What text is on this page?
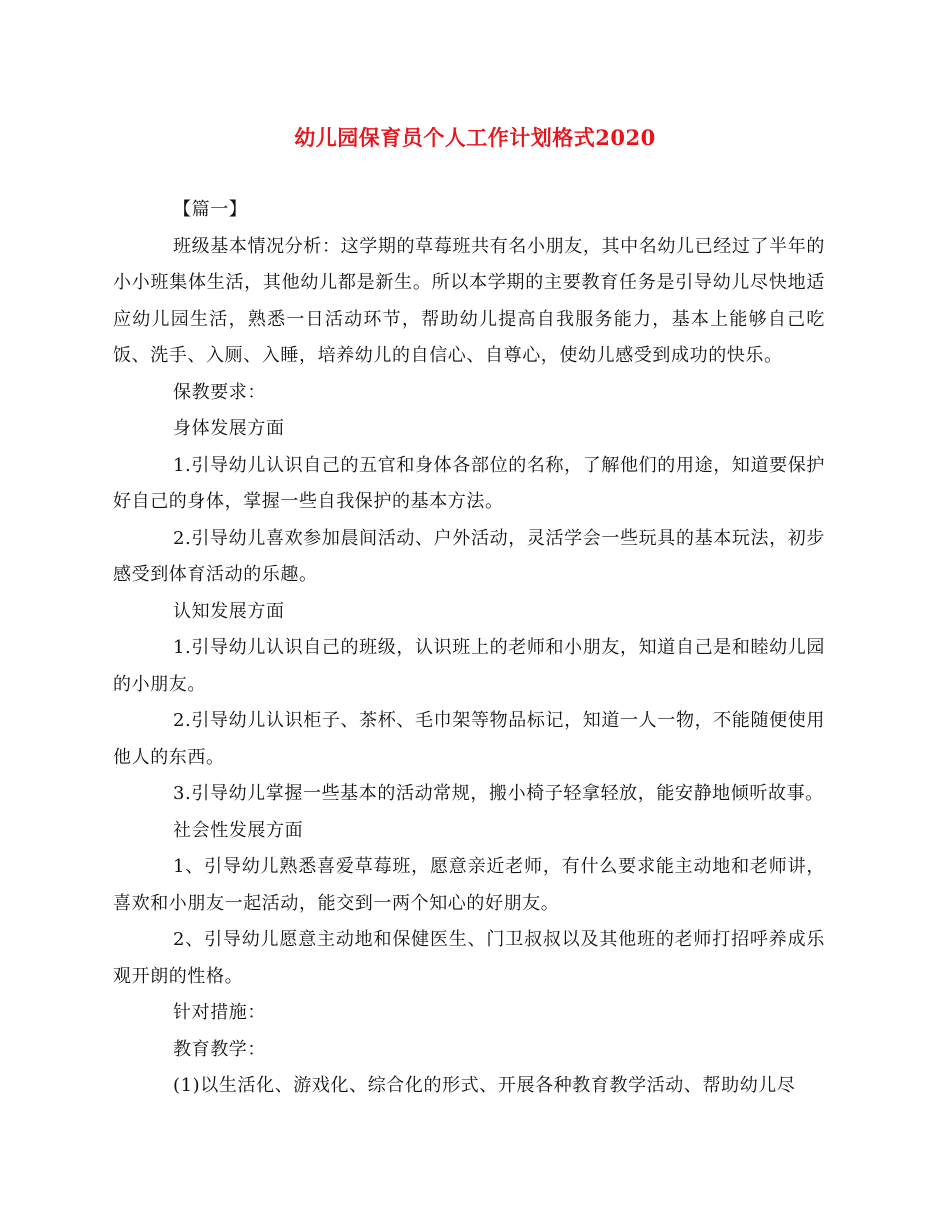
幼儿园保育员个人工作计划格式2020

【篇一】

班级基本情况分析：这学期的草莓班共有名小朋友，其中名幼儿已经过了半年的小小班集体生活，其他幼儿都是新生。所以本学期的主要教育任务是引导幼儿尽快地适应幼儿园生活，熟悉一日活动环节，帮助幼儿提高自我服务能力，基本上能够自己吃饭、洗手、入厕、入睡，培养幼儿的自信心、自尊心，使幼儿感受到成功的快乐。

保教要求：

身体发展方面

1.引导幼儿认识自己的五官和身体各部位的名称，了解他们的用途，知道要保护好自己的身体，掌握一些自我保护的基本方法。

2.引导幼儿喜欢参加晨间活动、户外活动，灵活学会一些玩具的基本玩法，初步感受到体育活动的乐趣。

认知发展方面

1.引导幼儿认识自己的班级，认识班上的老师和小朋友，知道自己是和睦幼儿园的小朋友。

2.引导幼儿认识柜子、茶杯、毛巾架等物品标记，知道一人一物，不能随便使用他人的东西。

3.引导幼儿掌握一些基本的活动常规，搬小椅子轻拿轻放，能安静地倾听故事。

社会性发展方面

1、引导幼儿熟悉喜爱草莓班，愿意亲近老师，有什么要求能主动地和老师讲，喜欢和小朋友一起活动，能交到一两个知心的好朋友。

2、引导幼儿愿意主动地和保健医生、门卫叔叔以及其他班的老师打招呼养成乐观开朗的性格。

针对措施：

教育教学：

(1)以生活化、游戏化、综合化的形式、开展各种教育教学活动、帮助幼儿尽
